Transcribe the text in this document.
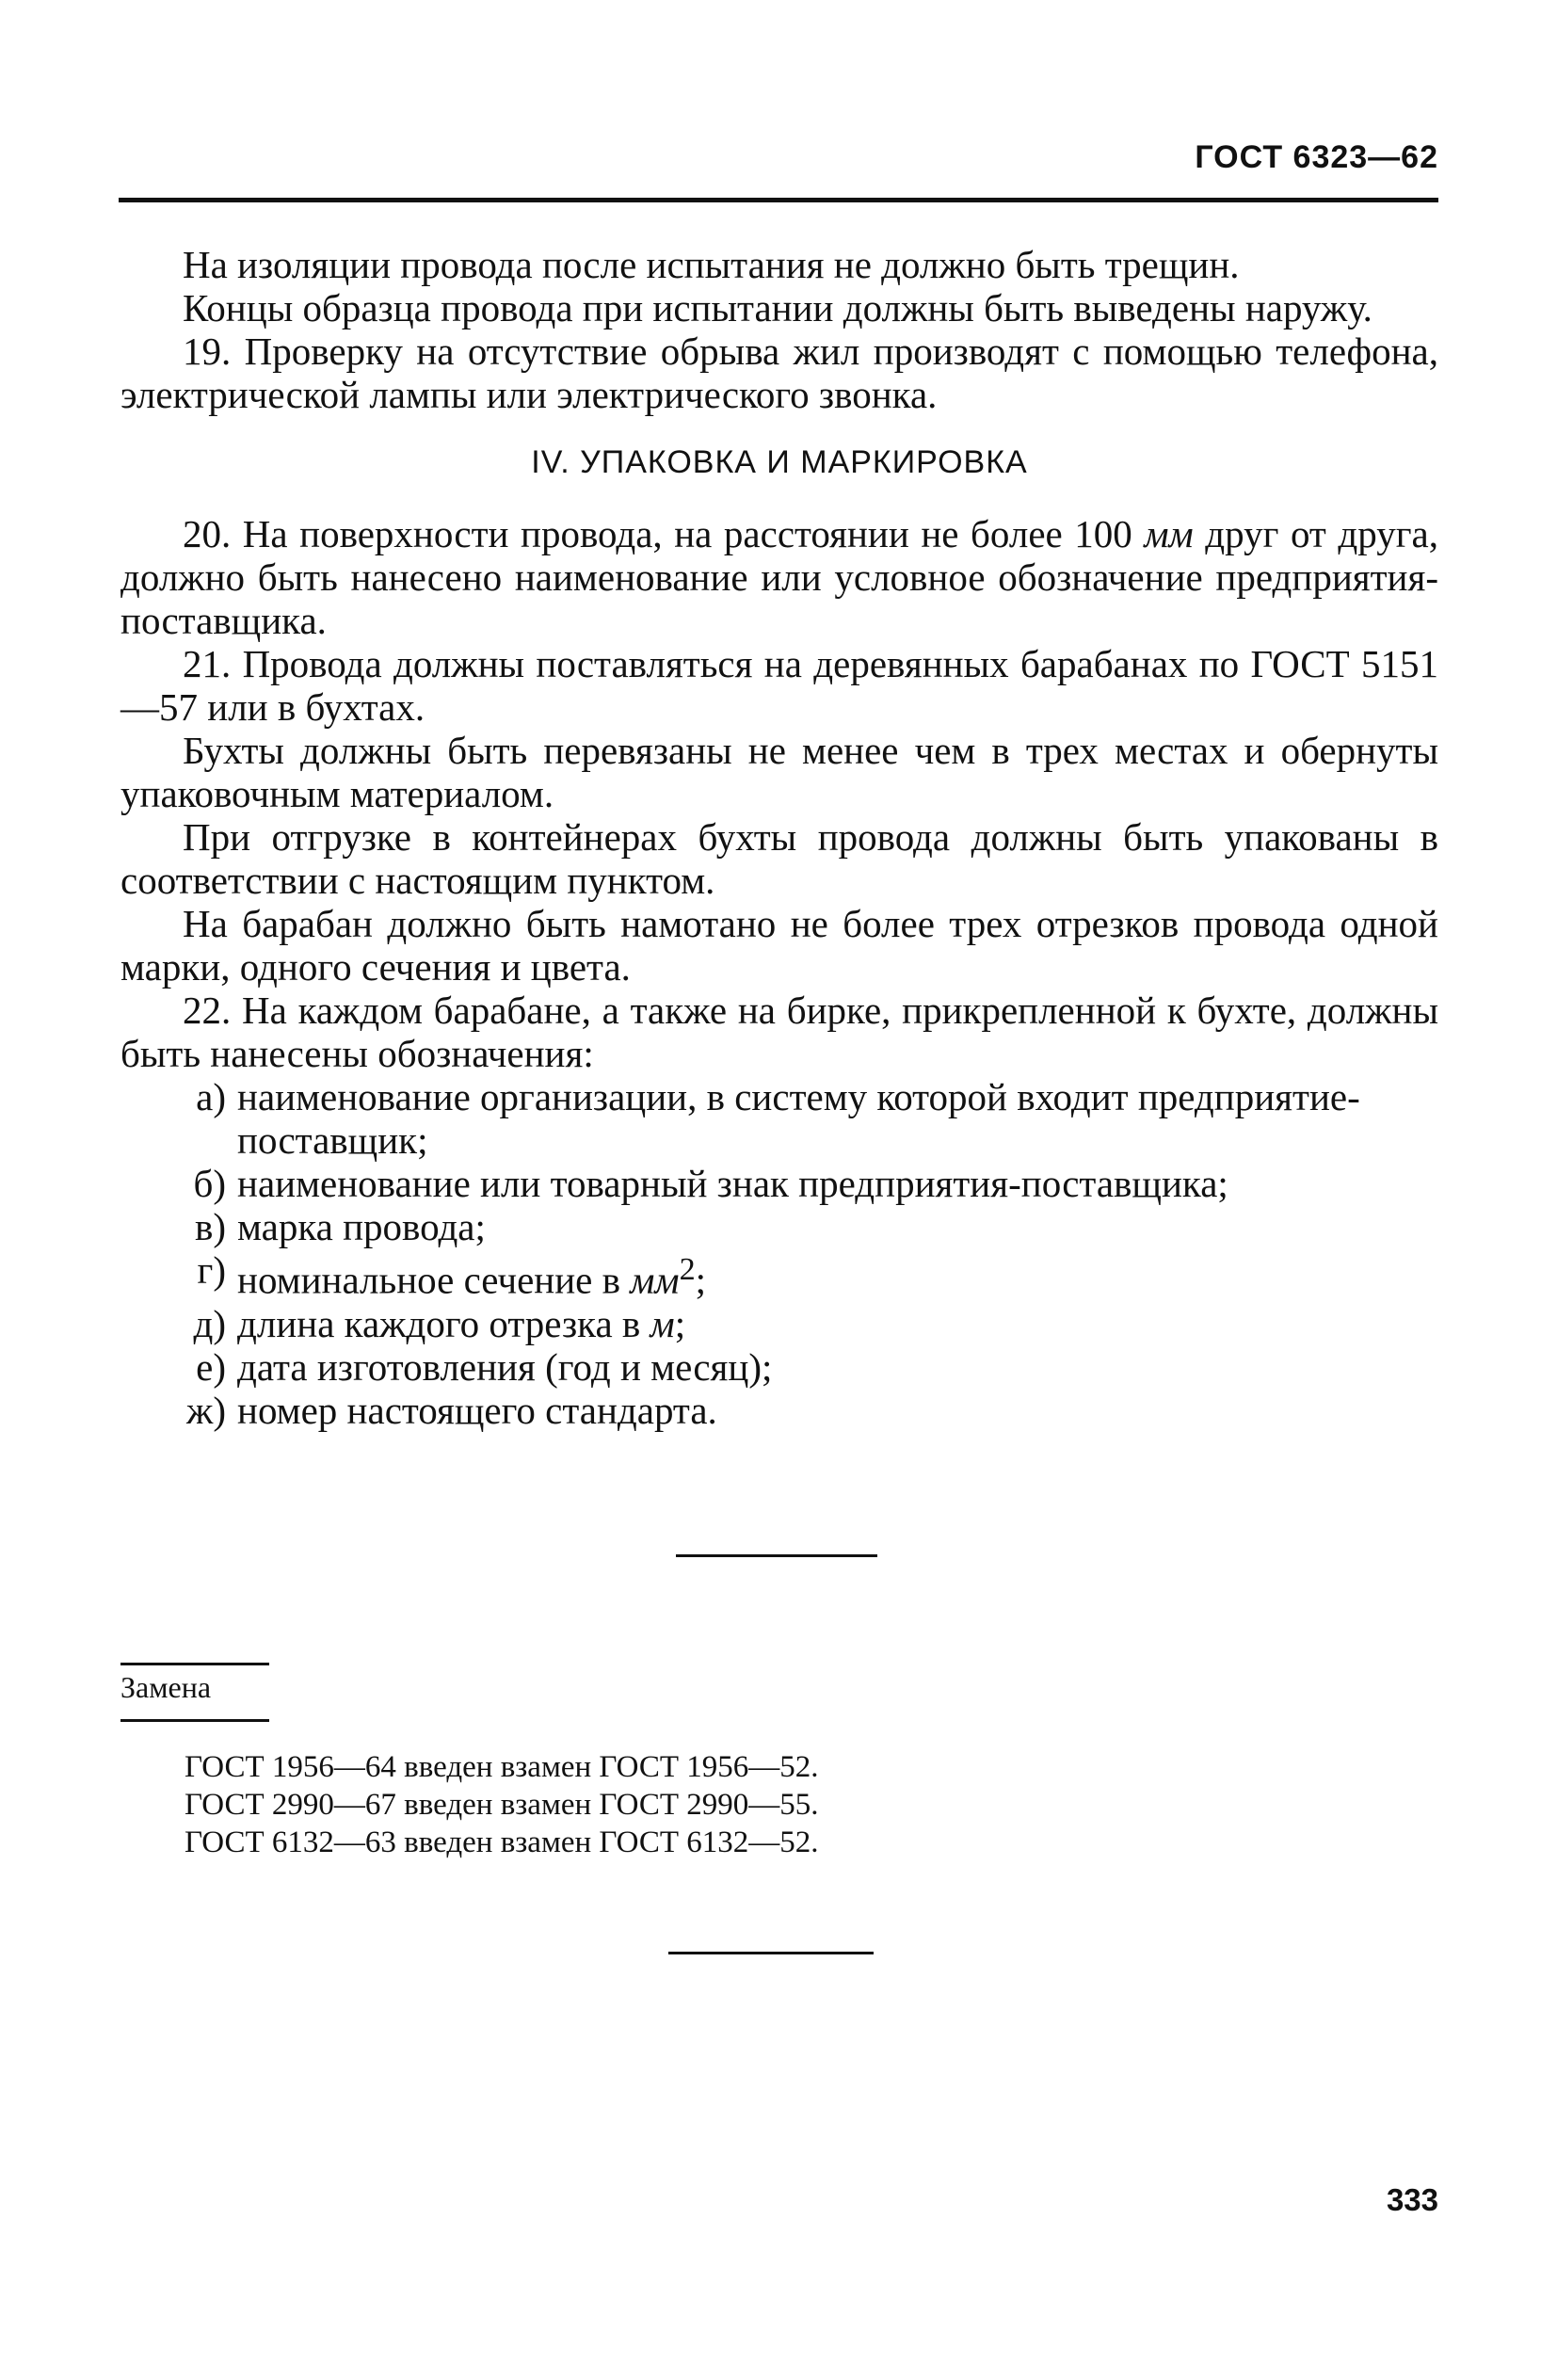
ГОСТ 6323—62

На изоляции провода после испытания не должно быть трещин.

Концы образца провода при испытании должны быть выведены наружу.

19. Проверку на отсутствие обрыва жил производят с помощью телефона, электрической лампы или электрического звонка.

IV. УПАКОВКА И МАРКИРОВКА

20. На поверхности провода, на расстоянии не более 100 мм друг от друга, должно быть нанесено наименование или условное обозначение предприятия-поставщика.

21. Провода должны поставляться на деревянных барабанах по ГОСТ 5151—57 или в бухтах.

Бухты должны быть перевязаны не менее чем в трех местах и обернуты упаковочным материалом.

При отгрузке в контейнерах бухты провода должны быть упакованы в соответствии с настоящим пунктом.

На барабан должно быть намотано не более трех отрезков провода одной марки, одного сечения и цвета.

22. На каждом барабане, а также на бирке, прикрепленной к бухте, должны быть нанесены обозначения:

а) наименование организации, в систему которой входит предприятие-поставщик;
б) наименование или товарный знак предприятия-поставщика;
в) марка провода;
г) номинальное сечение в $мм^2$;
д) длина каждого отрезка в м;
е) дата изготовления (год и месяц);
ж) номер настоящего стандарта.
Замена
ГОСТ 1956—64 введен взамен ГОСТ 1956—52.
ГОСТ 2990—67 введен взамен ГОСТ 2990—55.
ГОСТ 6132—63 введен взамен ГОСТ 6132—52.
333
